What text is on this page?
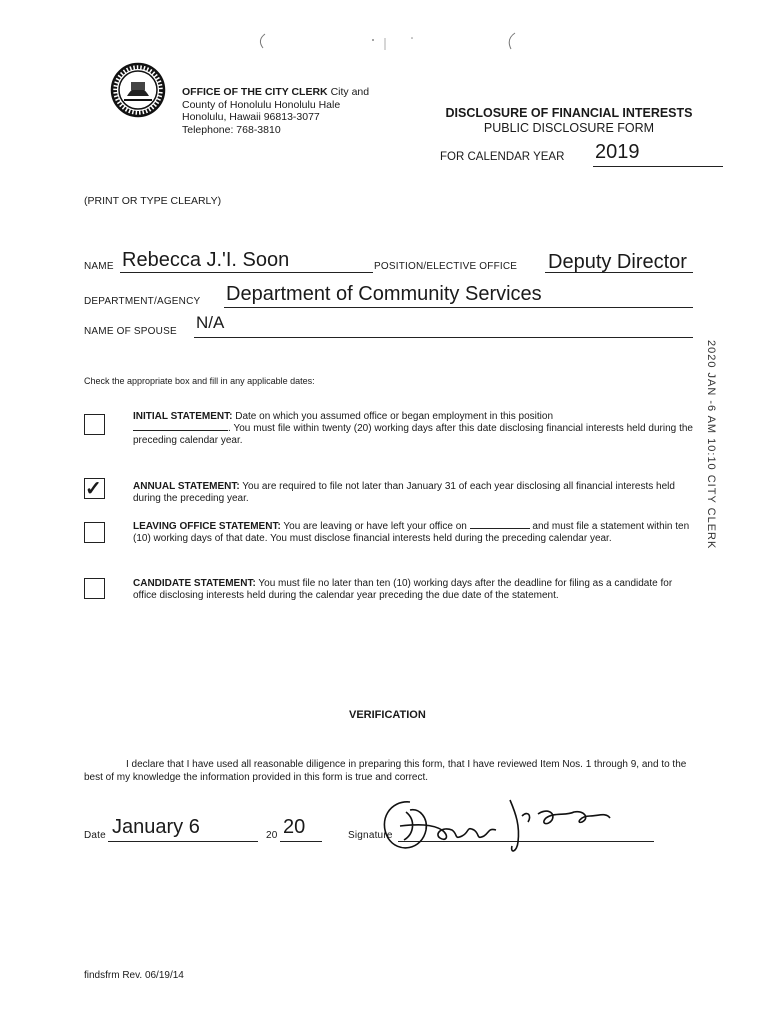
OFFICE OF THE CITY CLERK City and
County of Honolulu Honolulu Hale
Honolulu, Hawaii 96813-3077
Telephone: 768-3810
DISCLOSURE OF FINANCIAL INTERESTS
PUBLIC DISCLOSURE FORM
FOR CALENDAR YEAR 2019
(PRINT OR TYPE CLEARLY)
NAME Rebecca J.'I. Soon	POSITION/ELECTIVE OFFICE Deputy Director
DEPARTMENT/AGENCY Department of Community Services
NAME OF SPOUSE N/A
Check the appropriate box and fill in any applicable dates:
INITIAL STATEMENT: Date on which you assumed office or began employment in this position
. You must file within twenty (20) working days after this date disclosing financial interests held during the preceding calendar year.
✓	ANNUAL STATEMENT: You are required to file not later than January 31 of each year disclosing all financial interests held during the preceding year.
LEAVING OFFICE STATEMENT: You are leaving or have left your office on	and must file a statement within ten (10) working days of that date. You must disclose financial interests held during the preceding calendar year.
CANDIDATE STATEMENT: You must file no later than ten (10) working days after the deadline for filing as a candidate for office disclosing interests held during the calendar year preceding the due date of the statement.
VERIFICATION
I declare that I have used all reasonable diligence in preparing this form, that I have reviewed Item Nos. 1 through 9, and to the best of my knowledge the information provided in this form is true and correct.
Date January 6	20 20	Signature
2020 JAN -6 AM 10:10 CITY CLERK
findsfrm Rev. 06/19/14
